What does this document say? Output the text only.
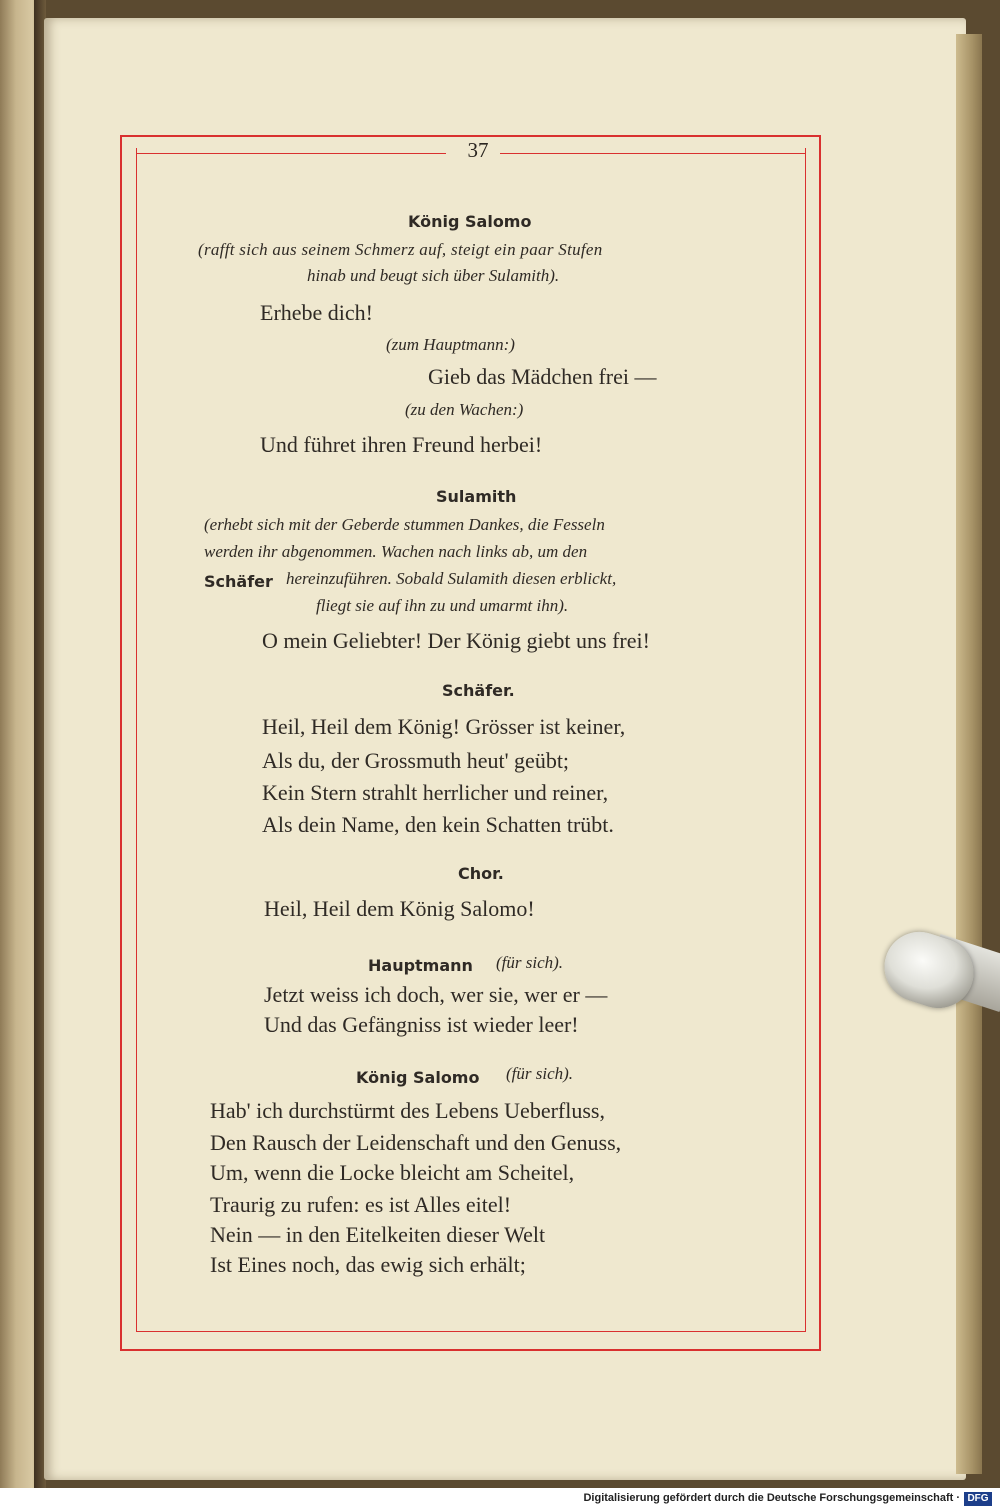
37
König Salomo
(rafft sich aus seinem Schmerz auf, steigt ein paar Stufen
hinab und beugt sich über Sulamith).
Erhebe dich!
(zum Hauptmann:)
Gieb das Mädchen frei —
(zu den Wachen:)
Und führet ihren Freund herbei!
Sulamith
(erhebt sich mit der Geberde stummen Dankes, die Fesseln
werden ihr abgenommen. Wachen nach links ab, um den
Schäfer hereinzuführen. Sobald Sulamith diesen erblickt,
fliegt sie auf ihn zu und umarmt ihn).
O mein Geliebter! Der König giebt uns frei!
Schäfer.
Heil, Heil dem König! Grösser ist keiner,
Als du, der Grossmuth heut' geübt;
Kein Stern strahlt herrlicher und reiner,
Als dein Name, den kein Schatten trübt.
Chor.
Heil, Heil dem König Salomo!
Hauptmann (für sich).
Jetzt weiss ich doch, wer sie, wer er —
Und das Gefängniss ist wieder leer!
König Salomo (für sich).
Hab' ich durchstürmt des Lebens Ueberfluss,
Den Rausch der Leidenschaft und den Genuss,
Um, wenn die Locke bleicht am Scheitel,
Traurig zu rufen: es ist Alles eitel!
Nein — in den Eitelkeiten dieser Welt
Ist Eines noch, das ewig sich erhält;
Digitalisierung gefördert durch die Deutsche Forschungsgemeinschaft · DFG
